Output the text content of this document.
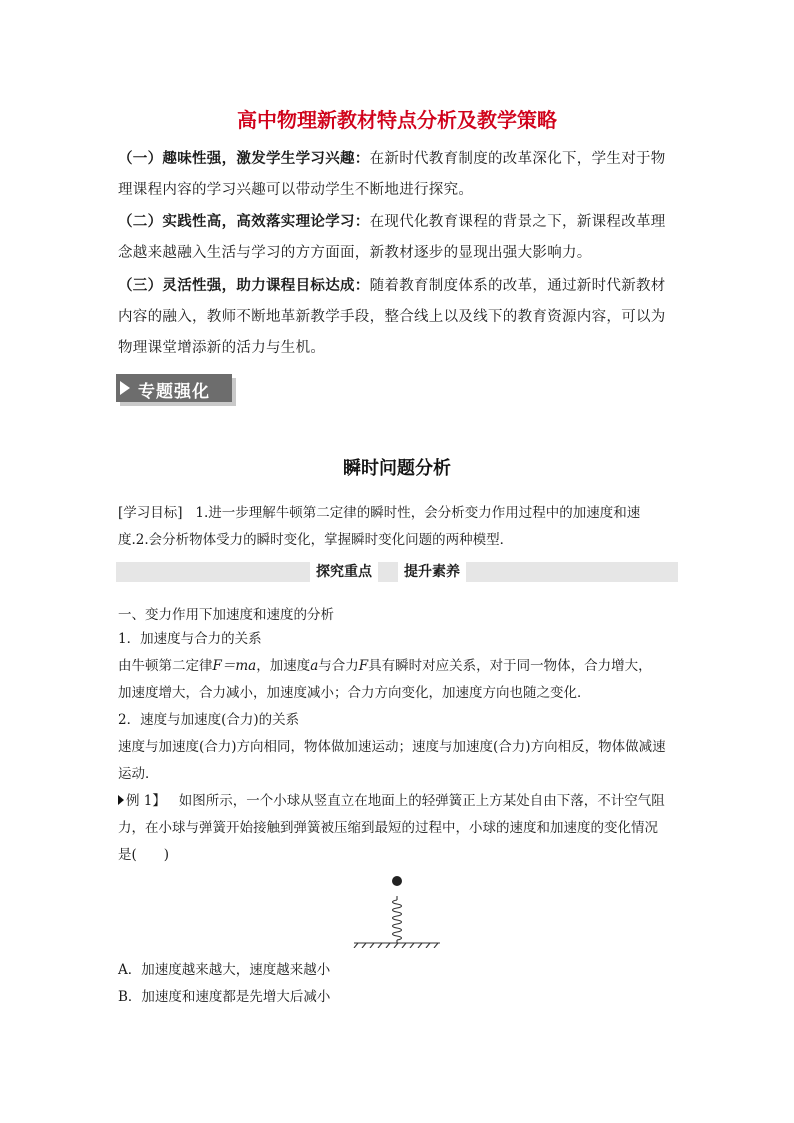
高中物理新教材特点分析及教学策略
（一）趣味性强，激发学生学习兴趣：在新时代教育制度的改革深化下，学生对于物理课程内容的学习兴趣可以带动学生不断地进行探究。
（二）实践性高，高效落实理论学习：在现代化教育课程的背景之下，新课程改革理念越来越融入生活与学习的方方面面，新教材逐步的显现出强大影响力。
（三）灵活性强，助力课程目标达成：随着教育制度体系的改革，通过新时代新教材内容的融入，教师不断地革新教学手段，整合线上以及线下的教育资源内容，可以为物理课堂增添新的活力与生机。
专题强化
瞬时问题分析
[学习目标] 1.进一步理解牛顿第二定律的瞬时性，会分析变力作用过程中的加速度和速
度.2.会分析物体受力的瞬时变化，掌握瞬时变化问题的两种模型．
探究重点	提升素养
一、变力作用下加速度和速度的分析
1．加速度与合力的关系
由牛顿第二定律F＝ma，加速度a与合力F具有瞬时对应关系，对于同一物体，合力增大，
加速度增大，合力减小，加速度减小；合力方向变化，加速度方向也随之变化．
2．速度与加速度(合力)的关系
速度与加速度(合力)方向相同，物体做加速运动；速度与加速度(合力)方向相反，物体做减速
运动．
例 1】 如图所示，一个小球从竖直立在地面上的轻弹簧正上方某处自由下落，不计空气阻
力，在小球与弹簧开始接触到弹簧被压缩到最短的过程中，小球的速度和加速度的变化情况
是(　　)
A．加速度越来越大，速度越来越小
B．加速度和速度都是先增大后减小
